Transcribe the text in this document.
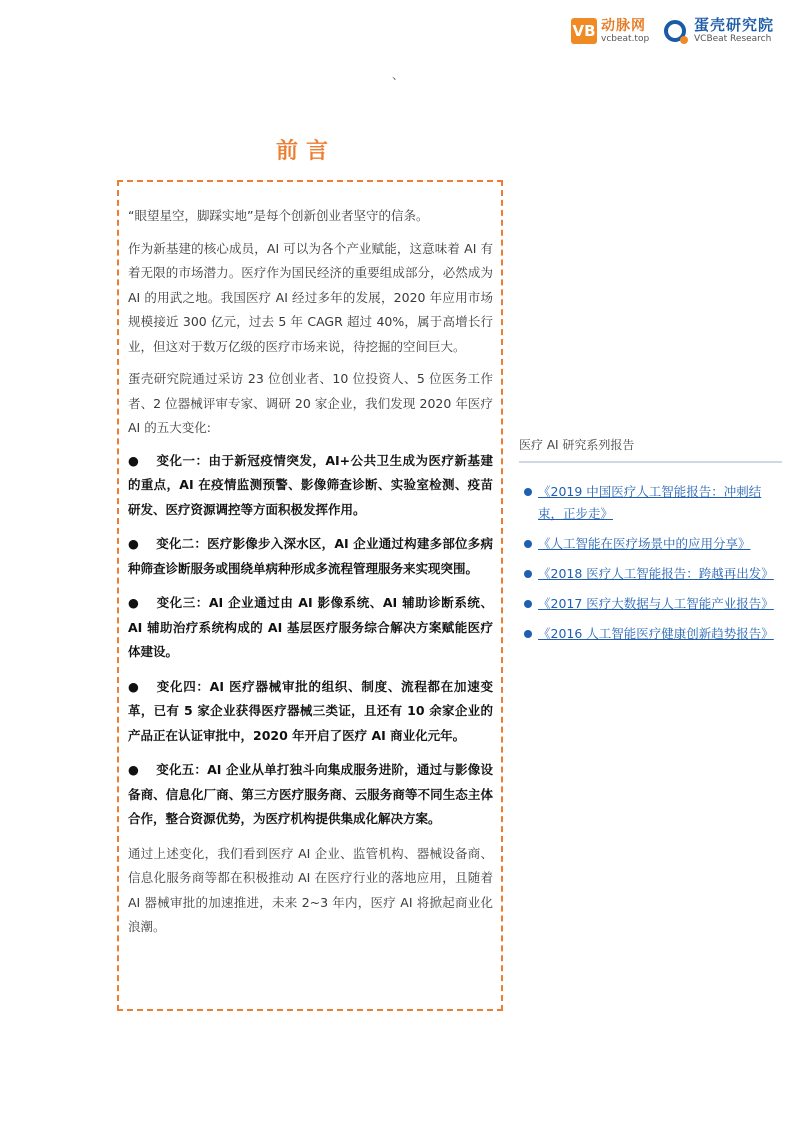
VB 动脉网
vcbeat.top
蛋壳研究院
VCBeat Research
、
前言

“眼望星空，脚踩实地”是每个创新创业者坚守的信条。

作为新基建的核心成员，AI 可以为各个产业赋能，这意味着 AI 有着无限的市场潜力。医疗作为国民经济的重要组成部分，必然成为 AI 的用武之地。我国医疗 AI 经过多年的发展，2020 年应用市场规模接近 300 亿元，过去 5 年 CAGR 超过 40%，属于高增长行业，但这对于数万亿级的医疗市场来说，待挖掘的空间巨大。

蛋壳研究院通过采访 23 位创业者、10 位投资人、5 位医务工作者、2 位器械评审专家、调研 20 家企业，我们发现 2020 年医疗 AI 的五大变化:

● 变化一：由于新冠疫情突发，AI+公共卫生成为医疗新基建的重点，AI 在疫情监测预警、影像筛查诊断、实验室检测、疫苗研发、医疗资源调控等方面积极发挥作用。

● 变化二：医疗影像步入深水区，AI 企业通过构建多部位多病种筛查诊断服务或围绕单病种形成多流程管理服务来实现突围。

● 变化三：AI 企业通过由 AI 影像系统、AI 辅助诊断系统、AI 辅助治疗系统构成的 AI 基层医疗服务综合解决方案赋能医疗体建设。

● 变化四：AI 医疗器械审批的组织、制度、流程都在加速变革，已有 5 家企业获得医疗器械三类证，且还有 10 余家企业的产品正在认证审批中，2020 年开启了医疗 AI 商业化元年。

● 变化五：AI 企业从单打独斗向集成服务进阶，通过与影像设备商、信息化厂商、第三方医疗服务商、云服务商等不同生态主体合作，整合资源优势，为医疗机构提供集成化解决方案。

通过上述变化，我们看到医疗 AI 企业、监管机构、器械设备商、信息化服务商等都在积极推动 AI 在医疗行业的落地应用，且随着 AI 器械审批的加速推进，未来 2~3 年内，医疗 AI 将掀起商业化浪潮。

医疗 AI 研究系列报告
《2019 中国医疗人工智能报告：冲刺结束，正步走》
《人工智能在医疗场景中的应用分享》
《2018 医疗人工智能报告：跨越再出发》
《2017 医疗大数据与人工智能产业报告》
《2016 人工智能医疗健康创新趋势报告》
